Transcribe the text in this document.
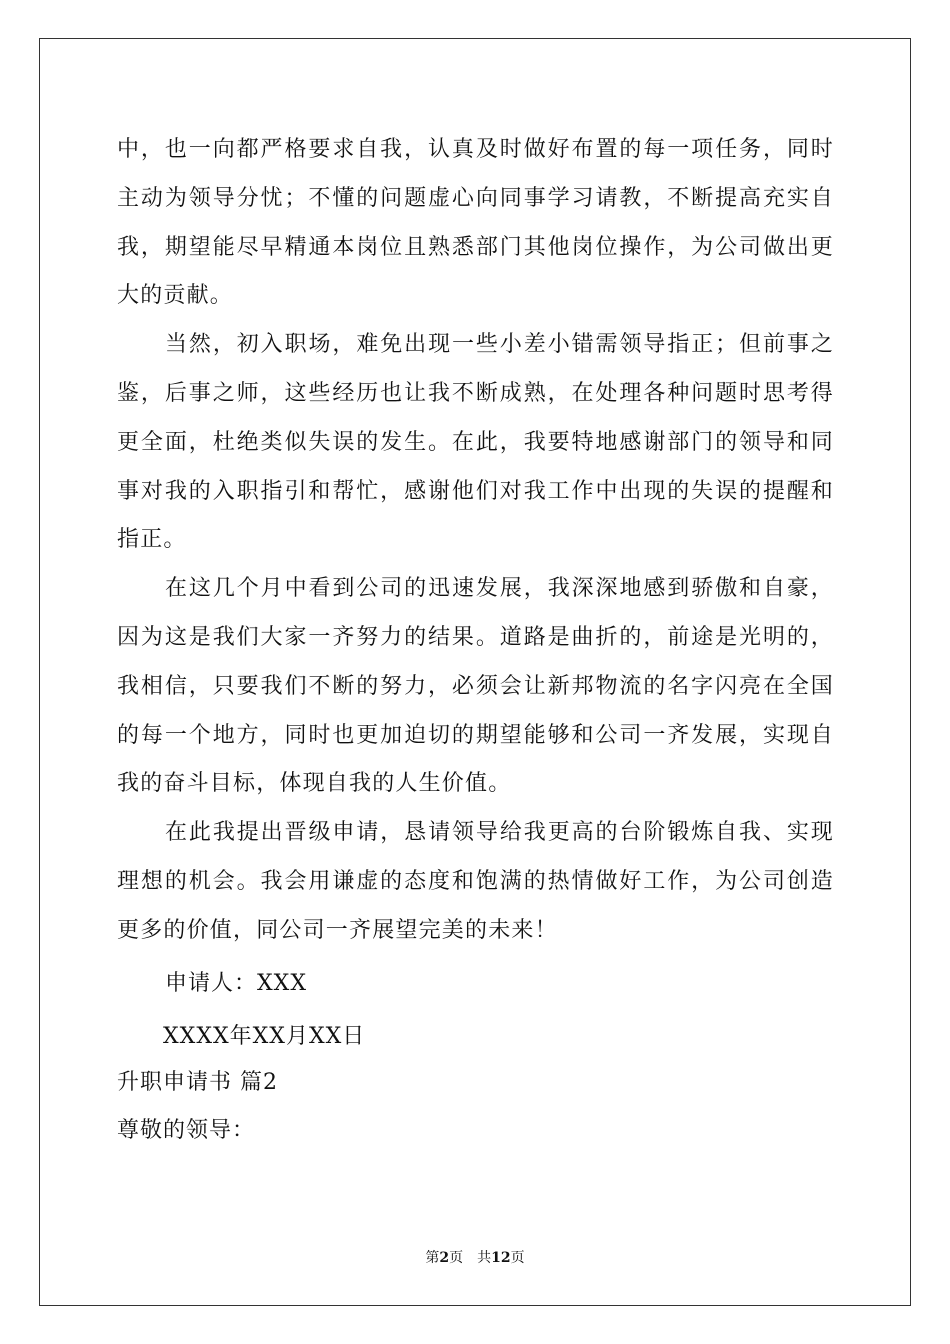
中，也一向都严格要求自我，认真及时做好布置的每一项任务，同时主动为领导分忧；不懂的问题虚心向同事学习请教，不断提高充实自我，期望能尽早精通本岗位且熟悉部门其他岗位操作，为公司做出更大的贡献。

当然，初入职场，难免出现一些小差小错需领导指正；但前事之鉴，后事之师，这些经历也让我不断成熟，在处理各种问题时思考得更全面，杜绝类似失误的发生。在此，我要特地感谢部门的领导和同事对我的入职指引和帮忙，感谢他们对我工作中出现的失误的提醒和指正。

在这几个月中看到公司的迅速发展，我深深地感到骄傲和自豪，因为这是我们大家一齐努力的结果。道路是曲折的，前途是光明的，我相信，只要我们不断的努力，必须会让新邦物流的名字闪亮在全国的每一个地方，同时也更加迫切的期望能够和公司一齐发展，实现自我的奋斗目标，体现自我的人生价值。

在此我提出晋级申请，恳请领导给我更高的台阶锻炼自我、实现理想的机会。我会用谦虚的态度和饱满的热情做好工作，为公司创造更多的价值，同公司一齐展望完美的未来！

申请人：XXX

XXXX年XX月XX日

升职申请书 篇2

尊敬的领导：

第2页　共12页
